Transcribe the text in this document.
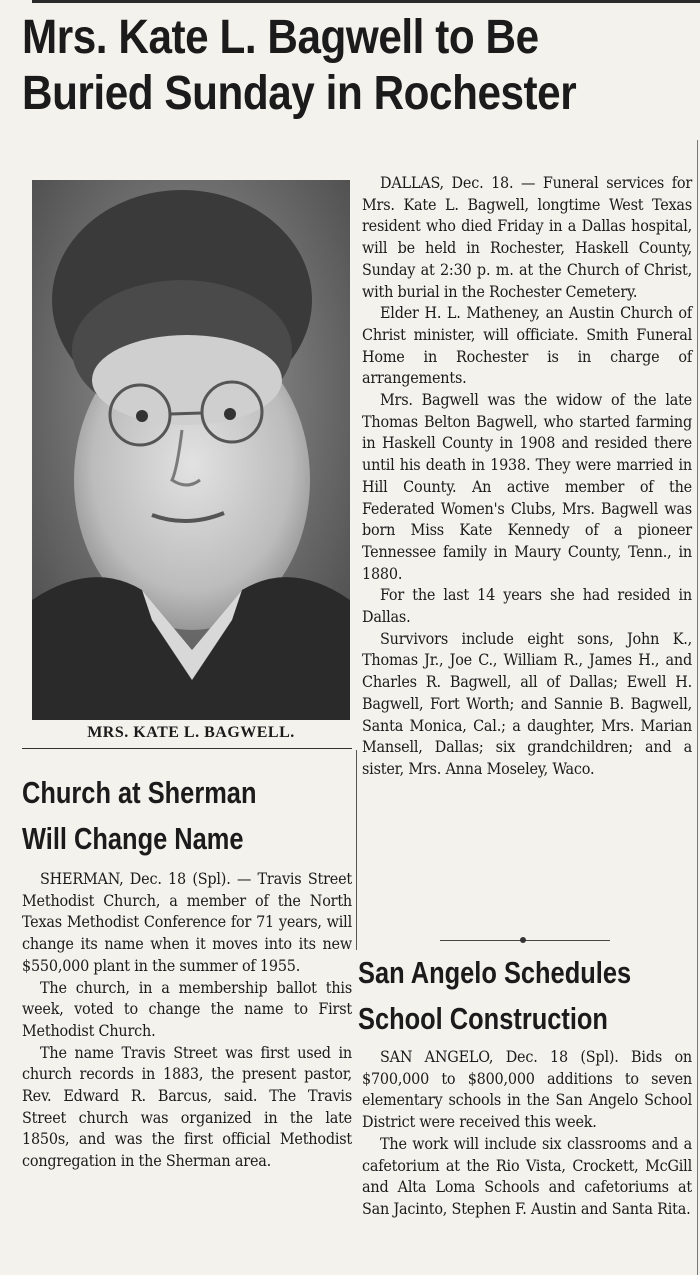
Mrs. Kate L. Bagwell to Be
Buried Sunday in Rochester
MRS. KATE L. BAGWELL.

DALLAS, Dec. 18. — Funeral services for Mrs. Kate L. Bagwell, longtime West Texas resident who died Friday in a Dallas hospital, will be held in Rochester, Haskell County, Sunday at 2:30 p. m. at the Church of Christ, with burial in the Rochester Cemetery.

Elder H. L. Matheney, an Austin Church of Christ minister, will officiate. Smith Funeral Home in Rochester is in charge of arrangements.

Mrs. Bagwell was the widow of the late Thomas Belton Bagwell, who started farming in Haskell County in 1908 and resided there until his death in 1938. They were married in Hill County. An active member of the Federated Women's Clubs, Mrs. Bagwell was born Miss Kate Kennedy of a pioneer Tennessee family in Maury County, Tenn., in 1880.

For the last 14 years she had resided in Dallas.

Survivors include eight sons, John K., Thomas Jr., Joe C., William R., James H., and Charles R. Bagwell, all of Dallas; Ewell H. Bagwell, Fort Worth; and Sannie B. Bagwell, Santa Monica, Cal.; a daughter, Mrs. Marian Mansell, Dallas; six grandchildren; and a sister, Mrs. Anna Moseley, Waco.

Church at Sherman
Will Change Name

SHERMAN, Dec. 18 (Spl). — Travis Street Methodist Church, a member of the North Texas Methodist Conference for 71 years, will change its name when it moves into its new $550,000 plant in the summer of 1955.

The church, in a membership ballot this week, voted to change the name to First Methodist Church.

The name Travis Street was first used in church records in 1883, the present pastor, Rev. Edward R. Barcus, said. The Travis Street church was organized in the late 1850s, and was the first official Methodist congregation in the Sherman area.

San Angelo Schedules
School Construction

SAN ANGELO, Dec. 18 (Spl). Bids on $700,000 to $800,000 additions to seven elementary schools in the San Angelo School District were received this week.

The work will include six classrooms and a cafetorium at the Rio Vista, Crockett, McGill and Alta Loma Schools and cafetoriums at San Jacinto, Stephen F. Austin and Santa Rita.
